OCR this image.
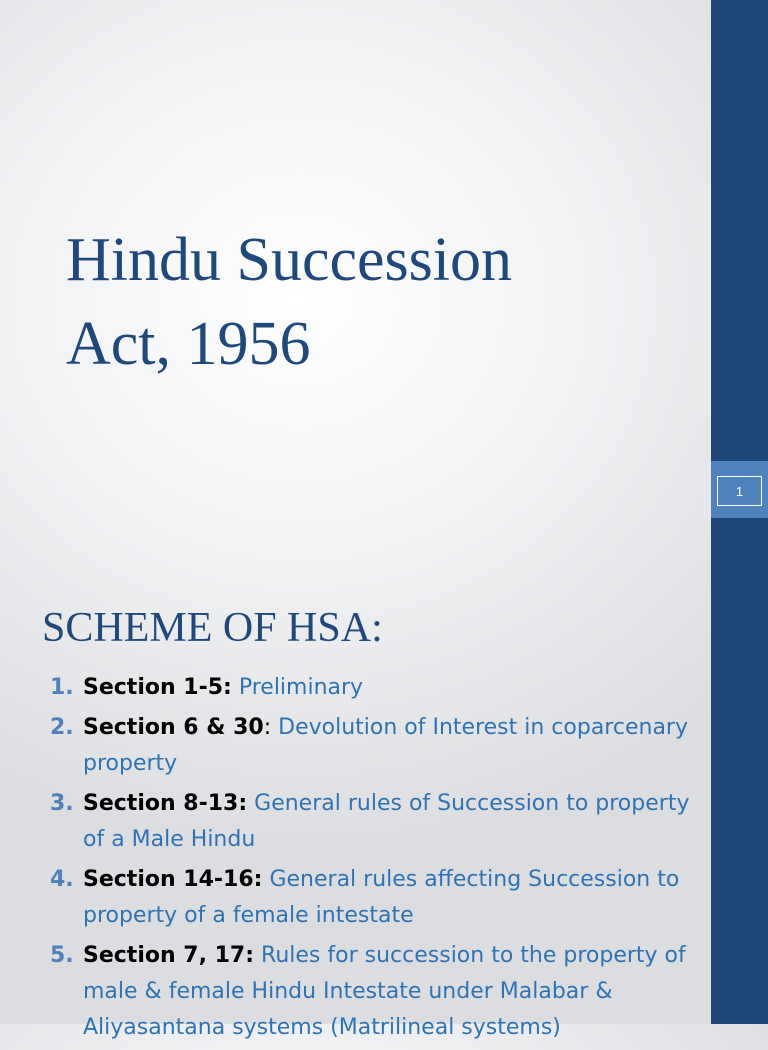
1
Hindu Succession
Act, 1956
SCHEME OF HSA:
1. Section 1-5: Preliminary
2. Section 6 & 30: Devolution of Interest in coparcenary property
3. Section 8-13: General rules of Succession to property of a Male Hindu
4. Section 14-16: General rules affecting Succession to property of a female intestate
5. Section 7, 17: Rules for succession to the property of male & female Hindu Intestate under Malabar & Aliyasantana systems (Matrilineal systems)
